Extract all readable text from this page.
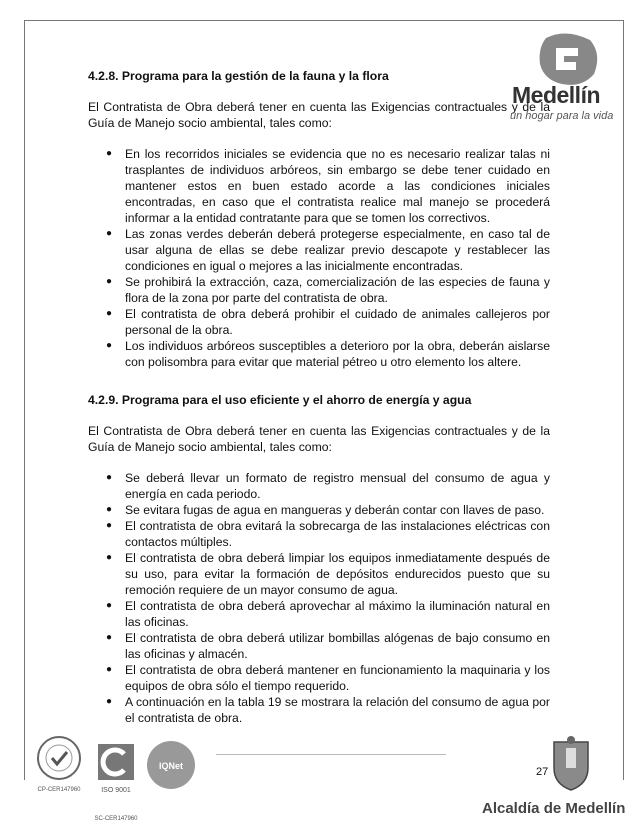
Medellín
un hogar para la vida
4.2.8. Programa para la gestión de la fauna y la flora

El Contratista de Obra deberá tener en cuenta las Exigencias contractuales y de la Guía de Manejo socio ambiental, tales como:

● En los recorridos iniciales se evidencia que no es necesario realizar talas ni trasplantes de individuos arbóreos, sin embargo se debe tener cuidado en mantener estos en buen estado acorde a las condiciones iniciales encontradas, en caso que el contratista realice mal manejo se procederá informar a la entidad contratante para que se tomen los correctivos.
● Las zonas verdes deberán deberá protegerse especialmente, en caso tal de usar alguna de ellas se debe realizar previo descapote y restablecer las condiciones en igual o mejores a las inicialmente encontradas.
● Se prohibirá la extracción, caza, comercialización de las especies de fauna y flora de la zona por parte del contratista de obra.
● El contratista de obra deberá prohibir el cuidado de animales callejeros por personal de la obra.
● Los individuos arbóreos susceptibles a deterioro por la obra, deberán aislarse con polisombra para evitar que material pétreo u otro elemento los altere.
4.2.9. Programa para el uso eficiente y el ahorro de energía y agua

El Contratista de Obra deberá tener en cuenta las Exigencias contractuales y de la Guía de Manejo socio ambiental, tales como:

● Se deberá llevar un formato de registro mensual del consumo de agua y energía en cada periodo.
● Se evitara fugas de agua en mangueras y deberán contar con llaves de paso.
● El contratista de obra evitará la sobrecarga de las instalaciones eléctricas con contactos múltiples.
● El contratista de obra deberá limpiar los equipos inmediatamente después de su uso, para evitar la formación de depósitos endurecidos puesto que su remoción requiere de un mayor consumo de agua.
● El contratista de obra deberá aprovechar al máximo la iluminación natural en las oficinas.
● El contratista de obra deberá utilizar bombillas alógenas de bajo consumo en las oficinas y almacén.
● El contratista de obra deberá mantener en funcionamiento la maquinaria y los equipos de obra sólo el tiempo requerido.
● A continuación en la tabla 19 se mostrara la relación del consumo de agua por el contratista de obra.
CP-CER147960	ISO 9001
SC-CER147960
IQNet	27
Alcaldía de Medellín
